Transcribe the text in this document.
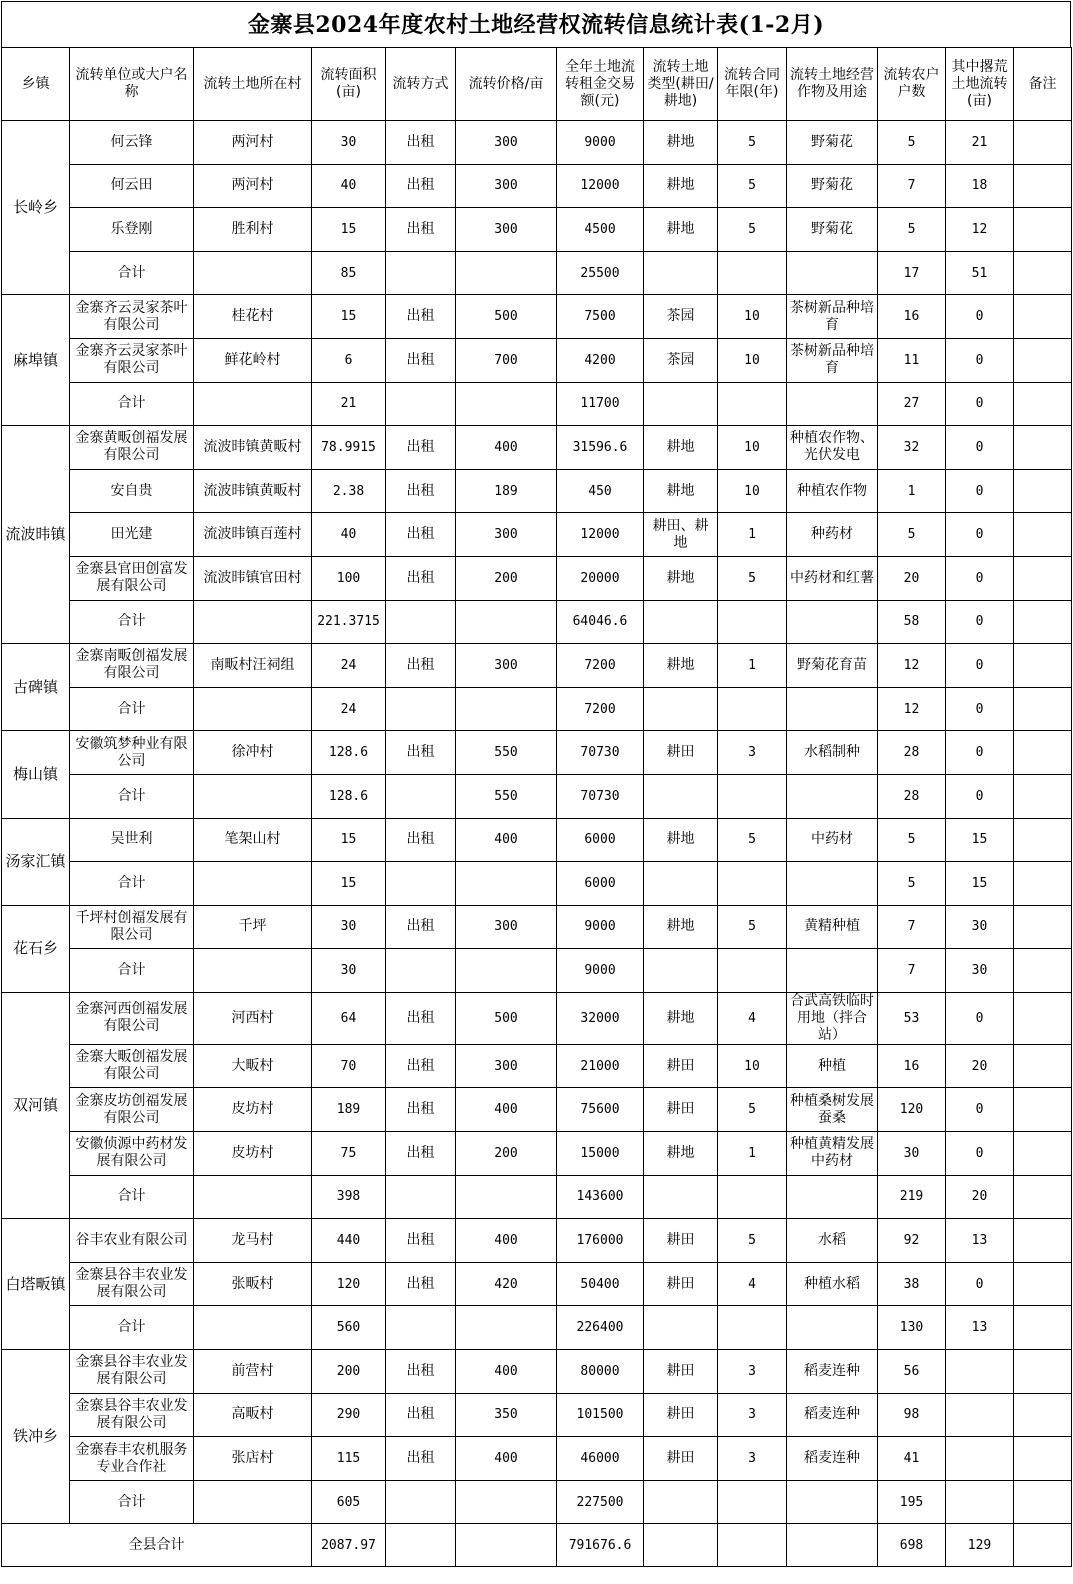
金寨县2024年度农村土地经营权流转信息统计表(1-2月)
乡镇	流转单位或大户名称	流转土地所在村	流转面积(亩)	流转方式	流转价格/亩	全年土地流转租金交易额(元)	流转土地类型(耕田/耕地)	流转合同年限(年)	流转土地经营作物及用途	流转农户户数	其中撂荒土地流转(亩)	备注
长岭乡	何云锋	两河村	30	出租	300	9000	耕地	5	野菊花	5	21	
	何云田	两河村	40	出租	300	12000	耕地	5	野菊花	7	18	
	乐登刚	胜利村	15	出租	300	4500	耕地	5	野菊花	5	12	
	合计		85			25500				17	51	
麻埠镇	金寨齐云灵家茶叶有限公司	桂花村	15	出租	500	7500	茶园	10	茶树新品种培育	16	0	
	金寨齐云灵家茶叶有限公司	鲜花岭村	6	出租	700	4200	茶园	10	茶树新品种培育	11	0	
	合计		21			11700				27	0	
流波𬀩镇	金寨黄畈创福发展有限公司	流波𬀩镇黄畈村	78.9915	出租	400	31596.6	耕地	10	种植农作物、光伏发电	32	0	
	安自贵	流波𬀩镇黄畈村	2.38	出租	189	450	耕地	10	种植农作物	1	0	
	田光建	流波𬀩镇百莲村	40	出租	300	12000	耕田、耕地	1	种药材	5	0	
	金寨县官田创富发展有限公司	流波𬀩镇官田村	100	出租	200	20000	耕地	5	中药材和红薯	20	0	
	合计		221.3715			64046.6				58	0	
古碑镇	金寨南畈创福发展有限公司	南畈村汪祠组	24	出租	300	7200	耕地	1	野菊花育苗	12	0	
	合计		24			7200				12	0	
梅山镇	安徽筑梦种业有限公司	徐冲村	128.6	出租	550	70730	耕田	3	水稻制种	28	0	
	合计		128.6		550	70730				28	0	
汤家汇镇	吴世利	笔架山村	15	出租	400	6000	耕地	5	中药材	5	15	
	合计		15			6000				5	15	
花石乡	千坪村创福发展有限公司	千坪	30	出租	300	9000	耕地	5	黄精种植	7	30	
	合计		30			9000				7	30	
双河镇	金寨河西创福发展有限公司	河西村	64	出租	500	32000	耕地	4	合武高铁临时用地（拌合站）	53	0	
	金寨大畈创福发展有限公司	大畈村	70	出租	300	21000	耕田	10	种植	16	20	
	金寨皮坊创福发展有限公司	皮坊村	189	出租	400	75600	耕田	5	种植桑树发展蚕桑	120	0	
	安徽侦源中药材发展有限公司	皮坊村	75	出租	200	15000	耕地	1	种植黄精发展中药材	30	0	
	合计		398			143600				219	20	
白塔畈镇	谷丰农业有限公司	龙马村	440	出租	400	176000	耕田	5	水稻	92	13	
	金寨县谷丰农业发展有限公司	张畈村	120	出租	420	50400	耕田	4	种植水稻	38	0	
	合计		560			226400				130	13	
铁冲乡	金寨县谷丰农业发展有限公司	前营村	200	出租	400	80000	耕田	3	稻麦连种	56		
	金寨县谷丰农业发展有限公司	高畈村	290	出租	350	101500	耕田	3	稻麦连种	98		
	金寨春丰农机服务专业合作社	张店村	115	出租	400	46000	耕田	3	稻麦连种	41		
	合计		605			227500				195		
全县合计			2087.97			791676.6				698	129	
